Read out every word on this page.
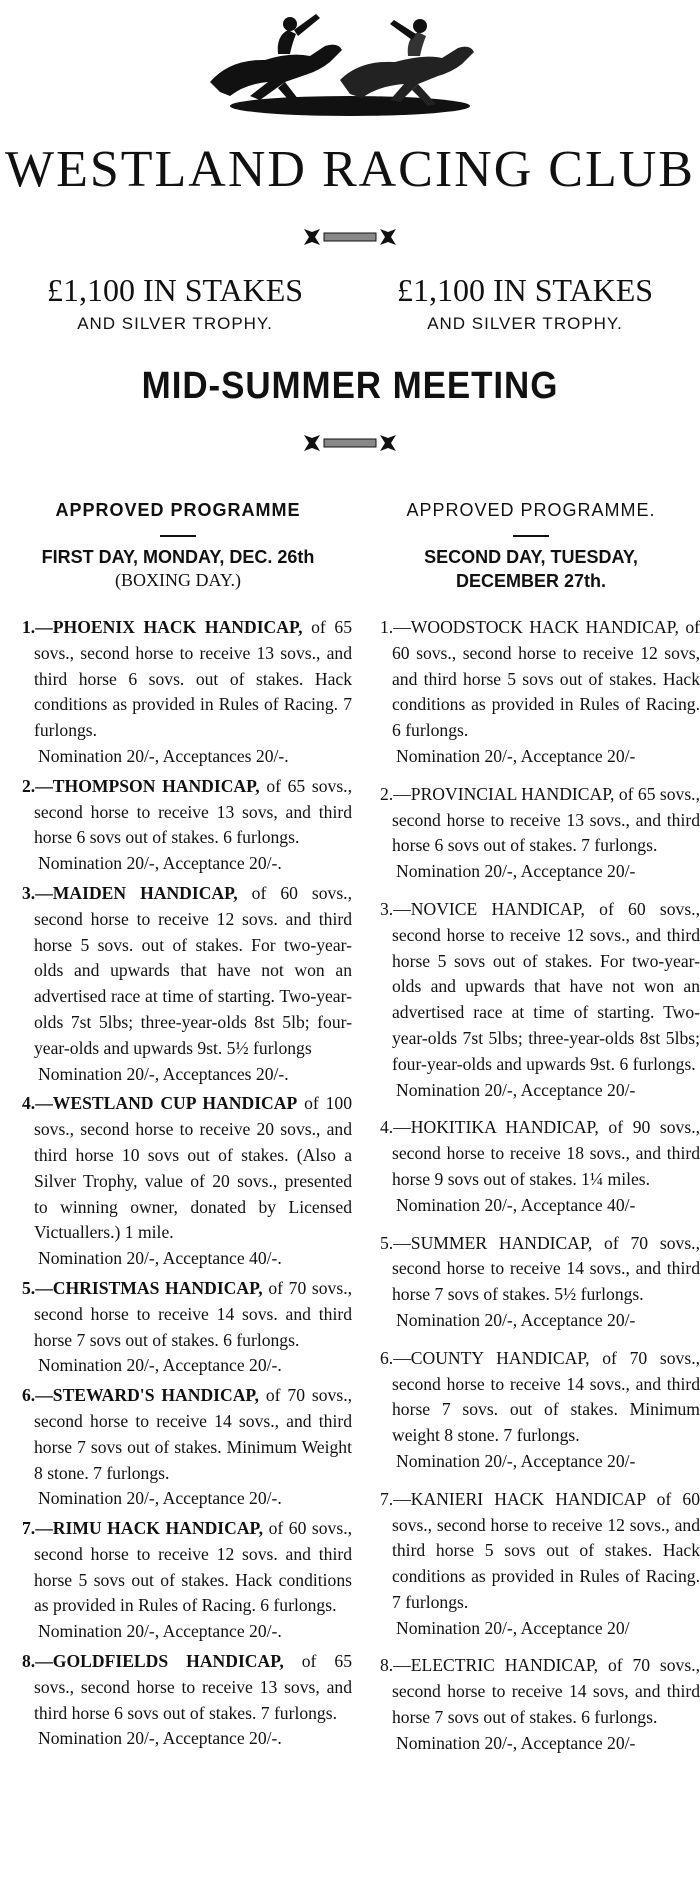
WESTLAND RACING CLUB
£1,100 IN STAKES	£1,100 IN STAKES
AND SILVER TROPHY.	AND SILVER TROPHY.
MID-SUMMER MEETING
APPROVED PROGRAMME
FIRST DAY, MONDAY, DEC. 26th
(BOXING DAY.)
1.—PHOENIX HACK HANDICAP, of 65 sovs., second horse to receive 13 sovs., and third horse 6 sovs. out of stakes. Hack conditions as provided in Rules of Racing. 7 furlongs.
Nomination 20/-, Acceptances 20/-.
2.—THOMPSON HANDICAP, of 65 sovs., second horse to receive 13 sovs, and third horse 6 sovs out of stakes. 6 furlongs.
Nomination 20/-, Acceptance 20/-.
3.—MAIDEN HANDICAP, of 60 sovs., second horse to receive 12 sovs. and third horse 5 sovs. out of stakes. For two-year-olds and upwards that have not won an advertised race at time of starting. Two-year-olds 7st 5lbs; three-year-olds 8st 5lb; four-year-olds and upwards 9st. 5½ furlongs
Nomination 20/-, Acceptances 20/-.
4.—WESTLAND CUP HANDICAP of 100 sovs., second horse to receive 20 sovs., and third horse 10 sovs out of stakes. (Also a Silver Trophy, value of 20 sovs., presented to winning owner, donated by Licensed Victuallers.) 1 mile.
Nomination 20/-, Acceptance 40/-.
5.—CHRISTMAS HANDICAP, of 70 sovs., second horse to receive 14 sovs. and third horse 7 sovs out of stakes. 6 furlongs.
Nomination 20/-, Acceptance 20/-.
6.—STEWARD'S HANDICAP, of 70 sovs., second horse to receive 14 sovs., and third horse 7 sovs out of stakes. Minimum Weight 8 stone. 7 furlongs.
Nomination 20/-, Acceptance 20/-.
7.—RIMU HACK HANDICAP, of 60 sovs., second horse to receive 12 sovs. and third horse 5 sovs out of stakes. Hack conditions as provided in Rules of Racing. 6 furlongs.
Nomination 20/-, Acceptance 20/-.
8.—GOLDFIELDS HANDICAP, of 65 sovs., second horse to receive 13 sovs, and third horse 6 sovs out of stakes. 7 furlongs.
Nomination 20/-, Acceptance 20/-.
APPROVED PROGRAMME.
SECOND DAY, TUESDAY,
DECEMBER 27th.
1.—WOODSTOCK HACK HANDICAP, of 60 sovs., second horse to receive 12 sovs, and third horse 5 sovs out of stakes. Hack conditions as provided in Rules of Racing. 6 furlongs.
Nomination 20/-, Acceptance 20/-
2.—PROVINCIAL HANDICAP, of 65 sovs., second horse to receive 13 sovs., and third horse 6 sovs out of stakes. 7 furlongs.
Nomination 20/-, Acceptance 20/-
3.—NOVICE HANDICAP, of 60 sovs., second horse to receive 12 sovs., and third horse 5 sovs out of stakes. For two-year-olds and upwards that have not won an advertised race at time of starting. Two-year-olds 7st 5lbs; three-year-olds 8st 5lbs; four-year-olds and upwards 9st. 6 furlongs.
Nomination 20/-, Acceptance 20/-
4.—HOKITIKA HANDICAP, of 90 sovs., second horse to receive 18 sovs., and third horse 9 sovs out of stakes. 1¼ miles.
Nomination 20/-, Acceptance 40/-
5.—SUMMER HANDICAP, of 70 sovs., second horse to receive 14 sovs., and third horse 7 sovs of stakes. 5½ furlongs.
Nomination 20/-, Acceptance 20/-
6.—COUNTY HANDICAP, of 70 sovs., second horse to receive 14 sovs., and third horse 7 sovs. out of stakes. Minimum weight 8 stone. 7 furlongs.
Nomination 20/-, Acceptance 20/-
7.—KANIERI HACK HANDICAP of 60 sovs., second horse to receive 12 sovs., and third horse 5 sovs out of stakes. Hack conditions as provided in Rules of Racing. 7 furlongs.
Nomination 20/-, Acceptance 20/
8.—ELECTRIC HANDICAP, of 70 sovs., second horse to receive 14 sovs, and third horse 7 sovs out of stakes. 6 furlongs.
Nomination 20/-, Acceptance 20/-
